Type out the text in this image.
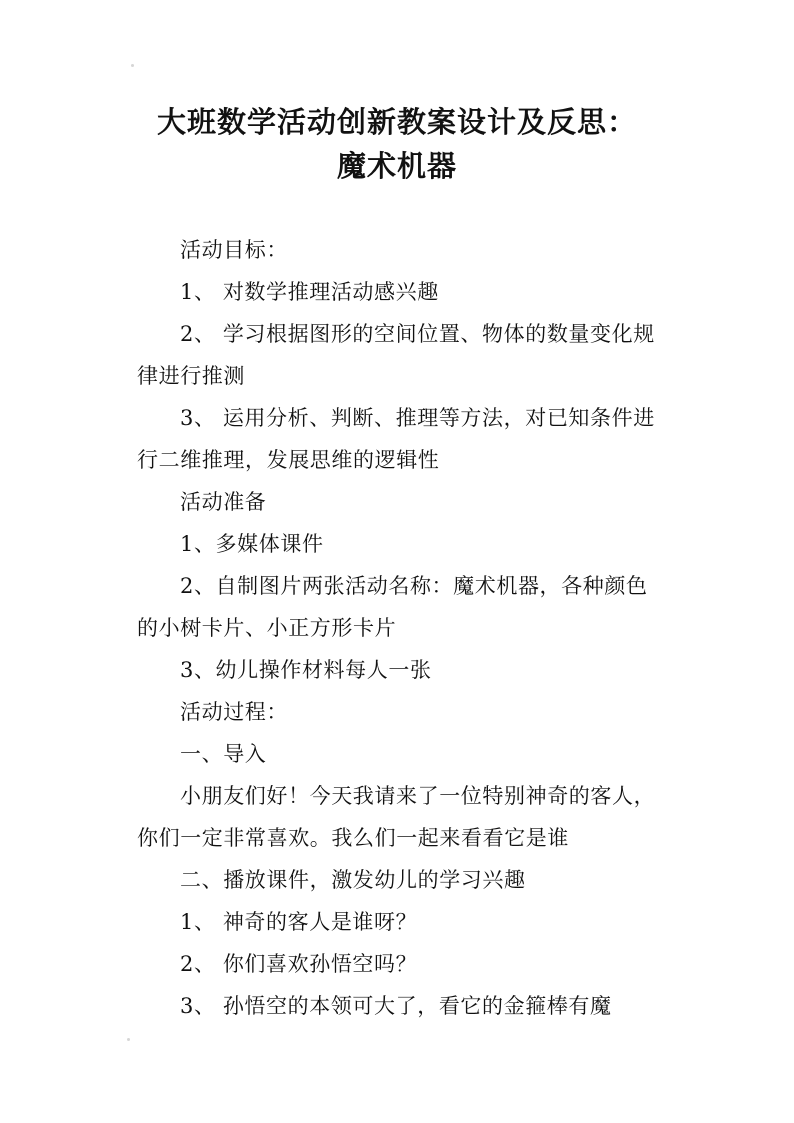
大班数学活动创新教案设计及反思：
魔术机器

活动目标：

1、 对数学推理活动感兴趣

2、 学习根据图形的空间位置、物体的数量变化规律进行推测

3、 运用分析、判断、推理等方法，对已知条件进行二维推理，发展思维的逻辑性

活动准备

1、多媒体课件

2、自制图片两张活动名称：魔术机器，各种颜色的小树卡片、小正方形卡片

3、幼儿操作材料每人一张

活动过程：

一、导入

小朋友们好！今天我请来了一位特别神奇的客人，你们一定非常喜欢。我么们一起来看看它是谁

二、播放课件，激发幼儿的学习兴趣

1、 神奇的客人是谁呀？

2、 你们喜欢孙悟空吗？

3、 孙悟空的本领可大了，看它的金箍棒有魔
